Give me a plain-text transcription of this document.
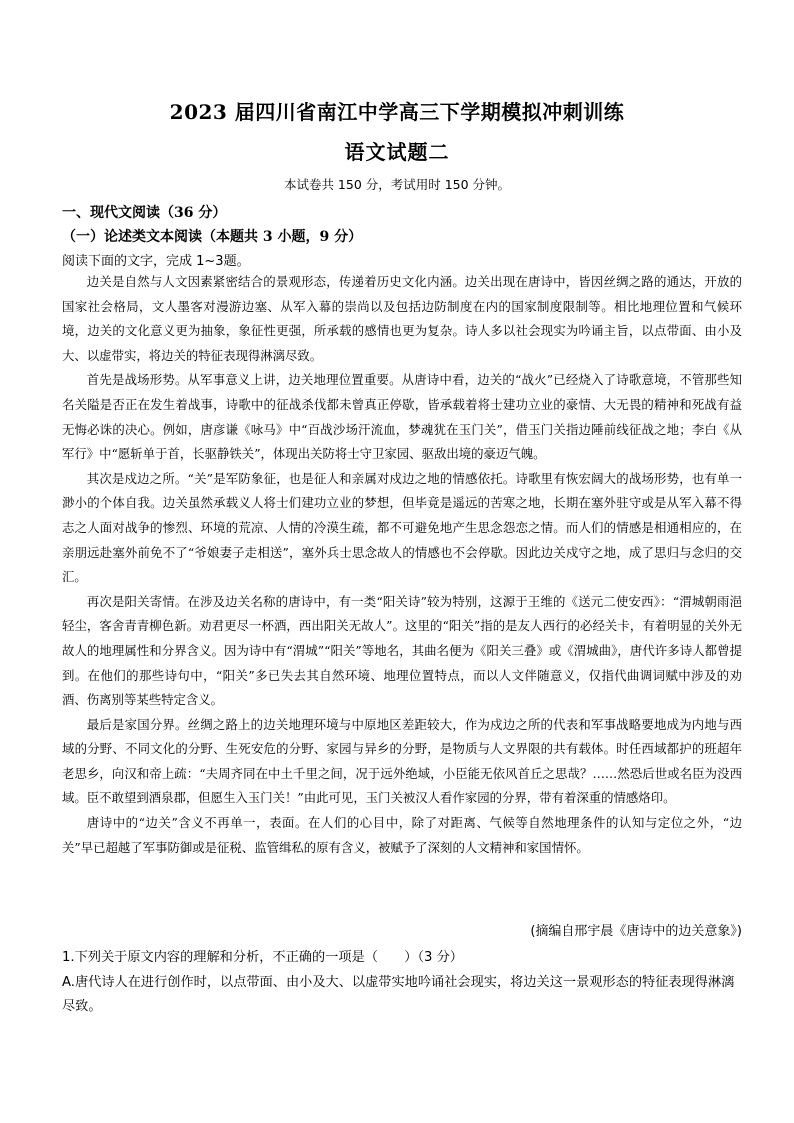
2023 届四川省南江中学高三下学期模拟冲刺训练
语文试题二
本试卷共 150 分，考试用时 150 分钟。
一、现代文阅读（36 分）
（一）论述类文本阅读（本题共 3 小题，9 分）
阅读下面的文字，完成 1~3题。

边关是自然与人文因素紧密结合的景观形态，传递着历史文化内涵。边关出现在唐诗中，皆因丝绸之路的通达，开放的国家社会格局，文人墨客对漫游边塞、从军入幕的崇尚以及包括边防制度在内的国家制度限制等。相比地理位置和气候环境，边关的文化意义更为抽象，象征性更强，所承载的感情也更为复杂。诗人多以社会现实为吟诵主旨，以点带面、由小及大、以虚带实，将边关的特征表现得淋漓尽致。

首先是战场形势。从军事意义上讲，边关地理位置重要。从唐诗中看，边关的“战火”已经烧入了诗歌意境，不管那些知名关隘是否正在发生着战事，诗歌中的征战杀伐都未曾真正停歇，皆承载着将士建功立业的豪情、大无畏的精神和死战有益无悔必诛的决心。例如，唐彦谦《咏马》中“百战沙场汗流血，梦魂犹在玉门关”，借玉门关指边陲前线征战之地；李白《从军行》中“愿斩单于首，长驱静铁关”，体现出关防将士守卫家园、驱敌出境的豪迈气魄。

其次是戍边之所。“关”是军防象征，也是征人和亲属对戍边之地的情感依托。诗歌里有恢宏阔大的战场形势，也有单一渺小的个体自我。边关虽然承载义人将士们建功立业的梦想，但毕竟是遥远的苦寒之地，长期在塞外驻守或是从军入幕不得志之人面对战争的惨烈、环境的荒凉、人情的冷漠生疏，都不可避免地产生思念怨恋之情。而人们的情感是相通相应的，在亲朋远赴塞外前免不了“爷娘妻子走相送”，塞外兵士思念故人的情感也不会停歇。因此边关戍守之地，成了思归与念归的交汇。

再次是阳关寄情。在涉及边关名称的唐诗中，有一类“阳关诗”较为特别，这源于王维的《送元二使安西》：“渭城朝雨浥轻尘，客舍青青柳色新。劝君更尽一杯酒，西出阳关无故人”。这里的“阳关”指的是友人西行的必经关卡，有着明显的关外无故人的地理属性和分界含义。因为诗中有“渭城”“阳关”等地名，其曲名便为《阳关三叠》或《渭城曲》，唐代许多诗人都曾提到。在他们的那些诗句中，“阳关”多已失去其自然环境、地理位置特点，而以人文伴随意义，仅指代曲调词赋中涉及的劝酒、伤离别等某些特定含义。

最后是家国分界。丝绸之路上的边关地理环境与中原地区差距较大，作为戍边之所的代表和军事战略要地成为内地与西域的分野、不同文化的分野、生死安危的分野、家园与异乡的分野，是物质与人文界限的共有载体。时任西域都护的班超年老思乡，向汉和帝上疏：“夫周齐同在中土千里之间，况于远外绝域，小臣能无依风首丘之思哉？……然恐后世或名臣为没西域。臣不敢望到酒泉郡，但愿生入玉门关！”由此可见，玉门关被汉人看作家园的分界，带有着深重的情感烙印。

唐诗中的“边关”含义不再单一，表面。在人们的心目中，除了对距离、气候等自然地理条件的认知与定位之外，“边关”早已超越了军事防御或是征税、监管缉私的原有含义，被赋予了深刻的人文精神和家国情怀。

(摘编自邢宇晨《唐诗中的边关意象》)

1.下列关于原文内容的理解和分析，不正确的一项是（　　）（3 分）

A.唐代诗人在进行创作时，以点带面、由小及大、以虚带实地吟诵社会现实，将边关这一景观形态的特征表现得淋漓尽致。
